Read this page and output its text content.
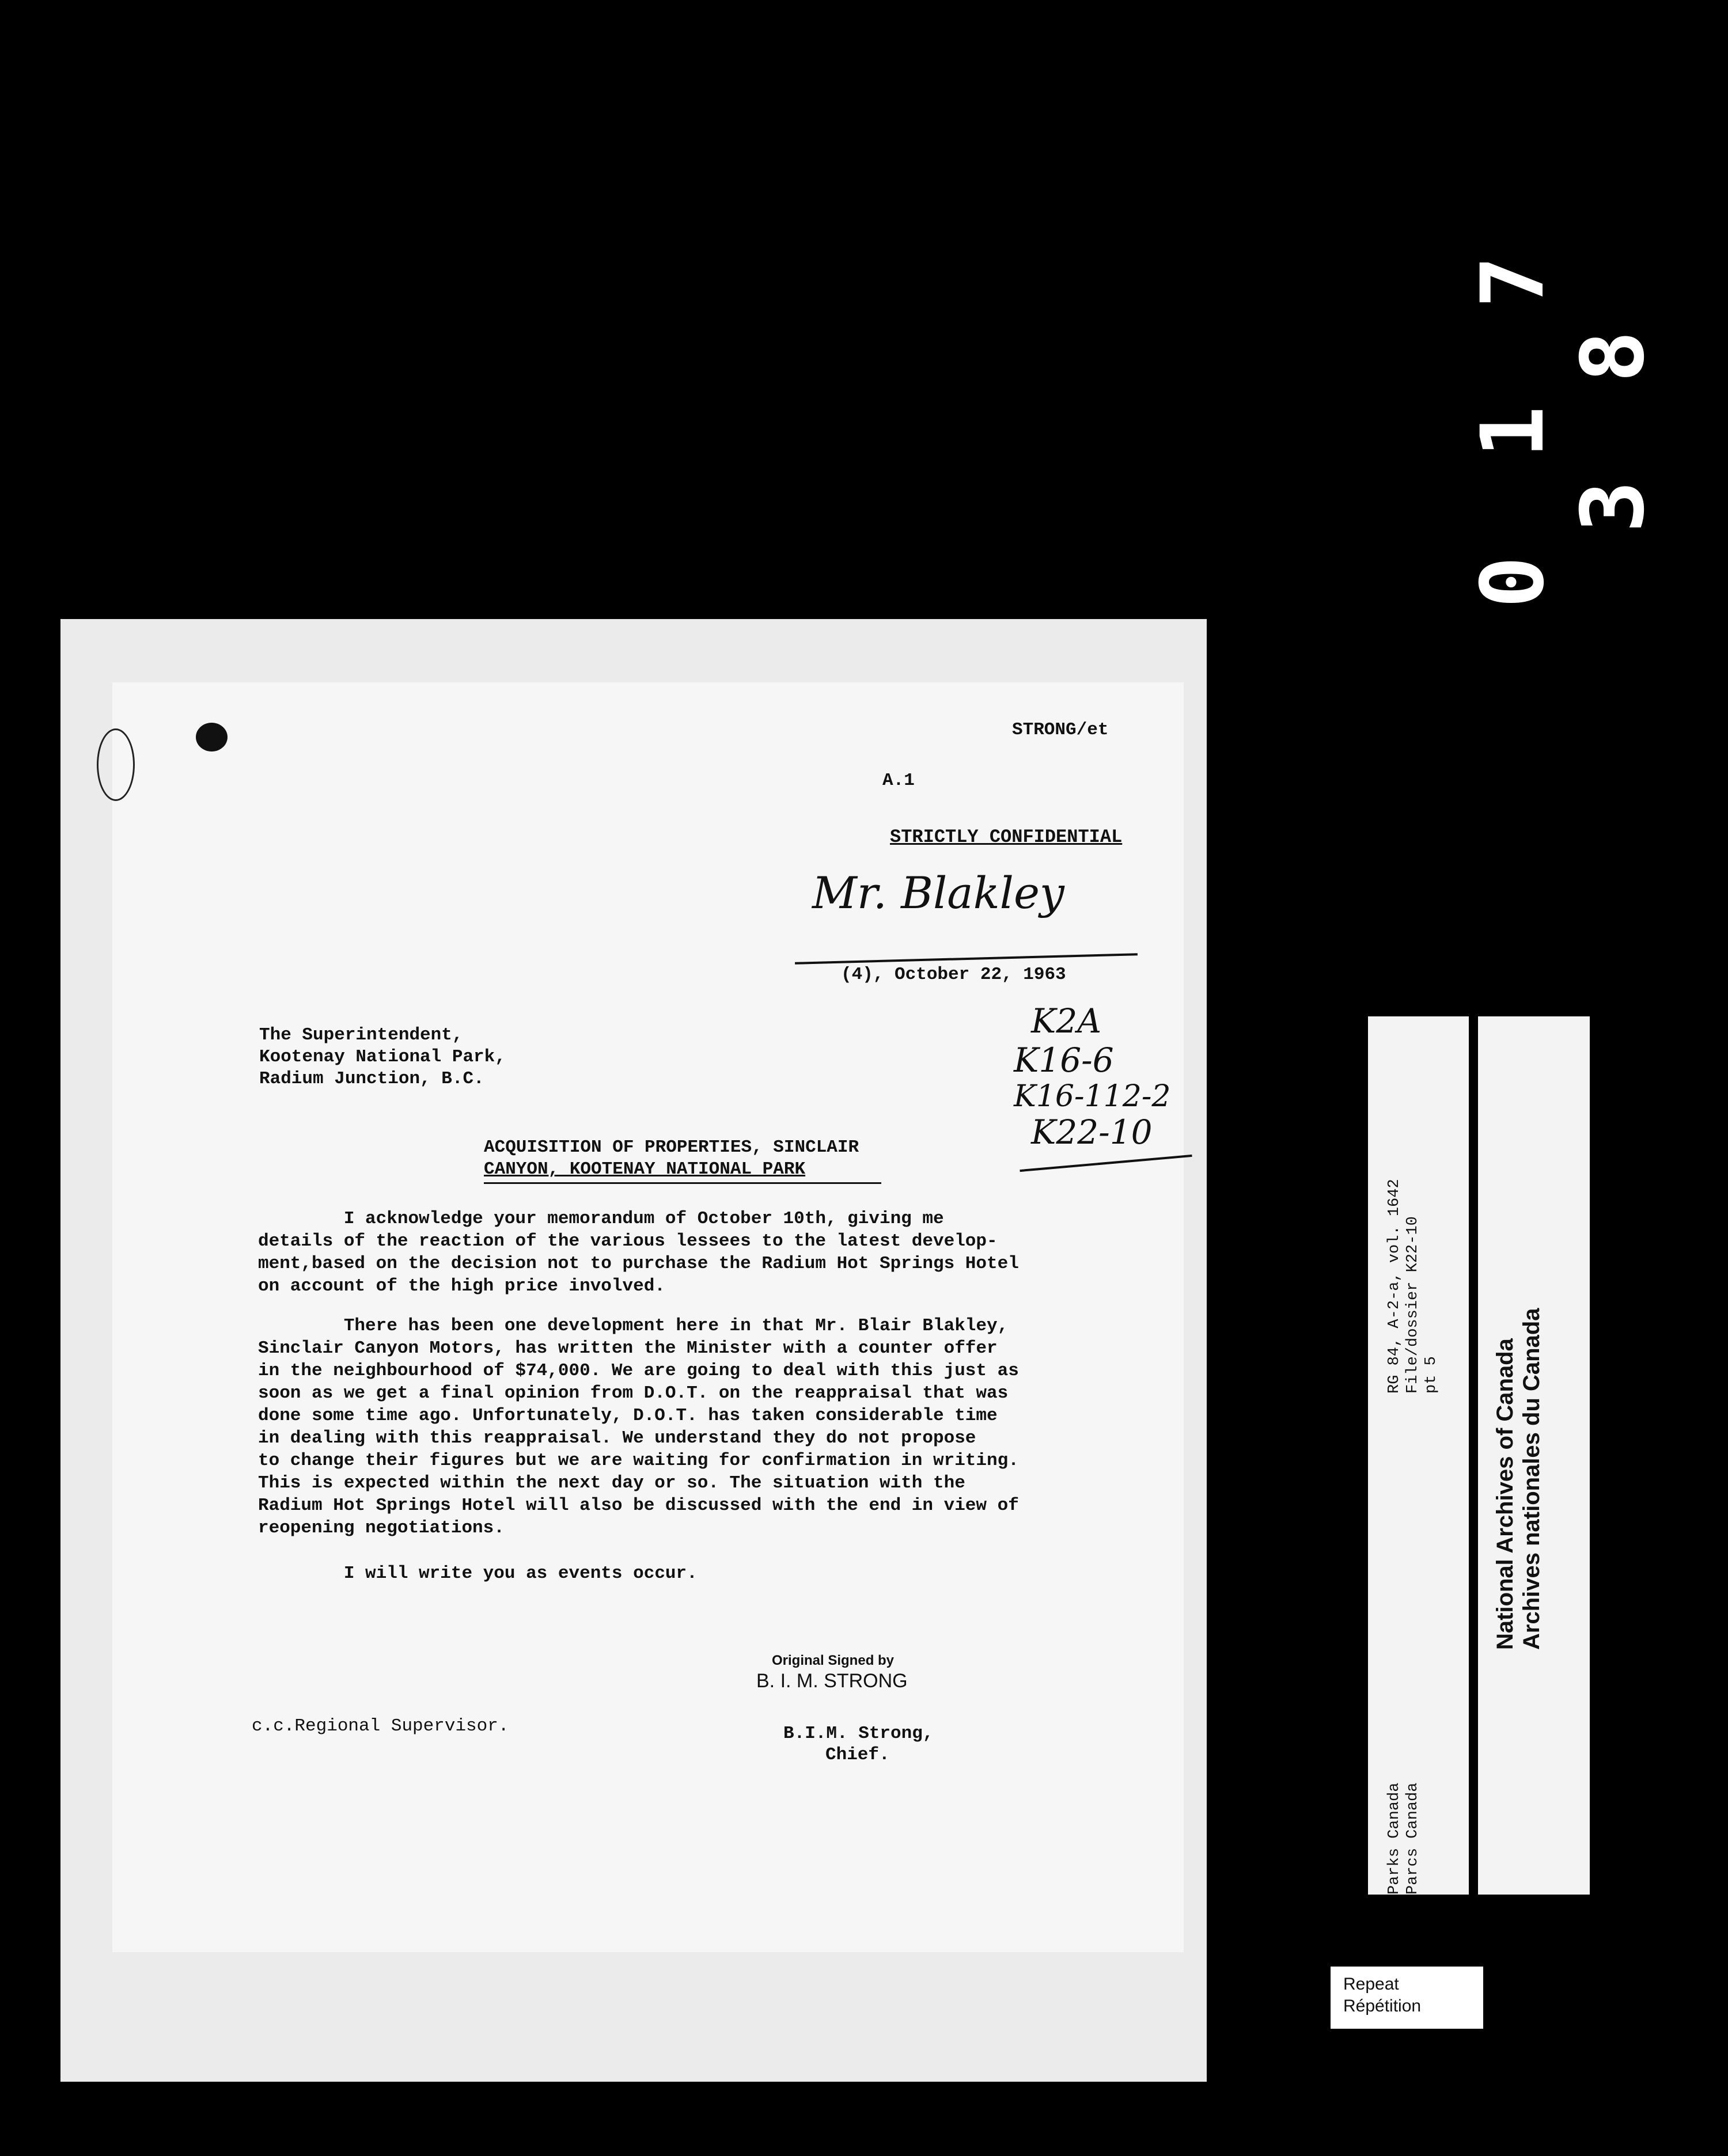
0 1 7 3 8
STRONG/et
A.1
STRICTLY CONFIDENTIAL
Mr. Blakley
(4), October 22, 1963
The Superintendent,
Kootenay National Park,
Radium Junction, B.C.
K2A
K16-6
K16-112-2
K22-10
ACQUISITION OF PROPERTIES, SINCLAIR
CANYON, KOOTENAY NATIONAL PARK
I acknowledge your memorandum of October 10th, giving me
details of the reaction of the various lessees to the latest develop-
ment,based on the decision not to purchase the Radium Hot Springs Hotel
on account of the high price involved.
There has been one development here in that Mr. Blair Blakley,
Sinclair Canyon Motors, has written the Minister with a counter offer
in the neighbourhood of $74,000. We are going to deal with this just as
soon as we get a final opinion from D.O.T. on the reappraisal that was
done some time ago. Unfortunately, D.O.T. has taken considerable time
in dealing with this reappraisal. We understand they do not propose
to change their figures but we are waiting for confirmation in writing.
This is expected within the next day or so. The situation with the
Radium Hot Springs Hotel will also be discussed with the end in view of
reopening negotiations.
I will write you as events occur.
Original Signed by
B. I. M. STRONG
c.c.Regional Supervisor.	B.I.M. Strong,
Chief.
Parks Canada Parcs Canada
RG 84, A-2-a, vol. 1642 File/dossier K22-10 pt 5 National Archives of Canada Archives nationales du Canada
Repeat
Répétition
